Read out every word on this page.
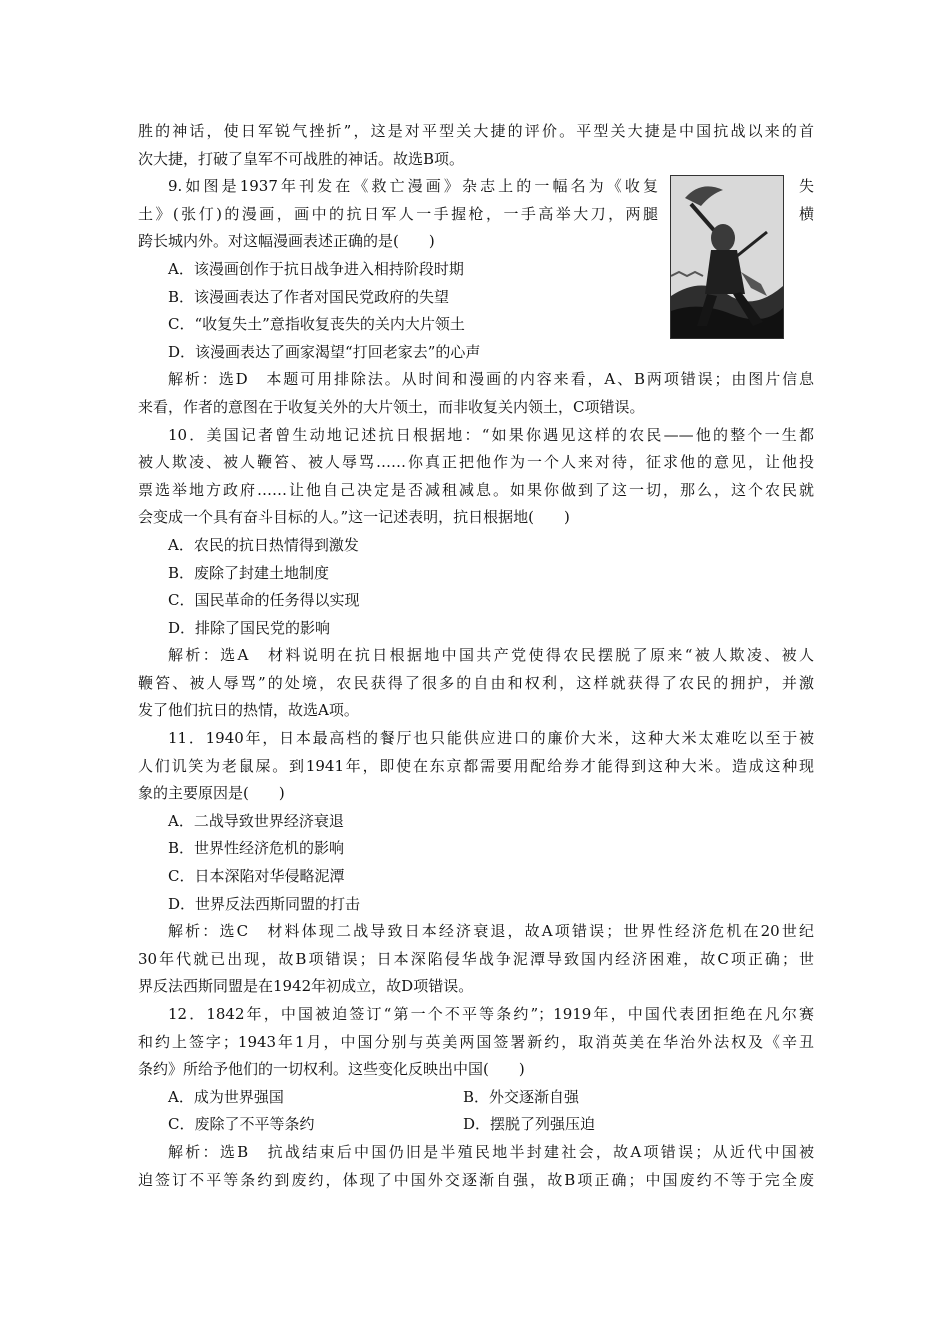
胜的神话，使日军锐气挫折”，这是对平型关大捷的评价。平型关大捷是中国抗战以来的首
次大捷，打破了皇军不可战胜的神话。故选B项。
9.如图是1937年刊发在《救亡漫画》杂志上的一幅名为《收复
土》(张仃)的漫画，画中的抗日军人一手握枪，一手高举大刀，两腿
跨长城内外。对这幅漫画表述正确的是(　　)
A．该漫画创作于抗日战争进入相持阶段时期
B．该漫画表达了作者对国民党政府的失望
C．“收复失土”意指收复丧失的关内大片领土
D．该漫画表达了画家渴望“打回老家去”的心声
失
横
解析：选D　本题可用排除法。从时间和漫画的内容来看，A、B两项错误；由图片信息
来看，作者的意图在于收复关外的大片领土，而非收复关内领土，C项错误。
10．美国记者曾生动地记述抗日根据地：“如果你遇见这样的农民——他的整个一生都
被人欺凌、被人鞭笞、被人辱骂……你真正把他作为一个人来对待，征求他的意见，让他投
票选举地方政府……让他自己决定是否减租减息。如果你做到了这一切，那么，这个农民就
会变成一个具有奋斗目标的人。”这一记述表明，抗日根据地(　　)
A．农民的抗日热情得到激发
B．废除了封建土地制度
C．国民革命的任务得以实现
D．排除了国民党的影响
解析：选A　材料说明在抗日根据地中国共产党使得农民摆脱了原来“被人欺凌、被人
鞭笞、被人辱骂”的处境，农民获得了很多的自由和权利，这样就获得了农民的拥护，并激
发了他们抗日的热情，故选A项。
11．1940年，日本最高档的餐厅也只能供应进口的廉价大米，这种大米太难吃以至于被
人们讥笑为老鼠屎。到1941年，即使在东京都需要用配给券才能得到这种大米。造成这种现
象的主要原因是(　　)
A．二战导致世界经济衰退
B．世界性经济危机的影响
C．日本深陷对华侵略泥潭
D．世界反法西斯同盟的打击
解析：选C　材料体现二战导致日本经济衰退，故A项错误；世界性经济危机在20世纪
30年代就已出现，故B项错误；日本深陷侵华战争泥潭导致国内经济困难，故C项正确；世
界反法西斯同盟是在1942年初成立，故D项错误。
12．1842年，中国被迫签订“第一个不平等条约”；1919年，中国代表团拒绝在凡尔赛
和约上签字；1943年1月，中国分别与英美两国签署新约，取消英美在华治外法权及《辛丑
条约》所给予他们的一切权利。这些变化反映出中国(　　)
A．成为世界强国	B．外交逐渐自强
C．废除了不平等条约	D．摆脱了列强压迫
解析：选B　抗战结束后中国仍旧是半殖民地半封建社会，故A项错误；从近代中国被
迫签订不平等条约到废约，体现了中国外交逐渐自强，故B项正确；中国废约不等于完全废
